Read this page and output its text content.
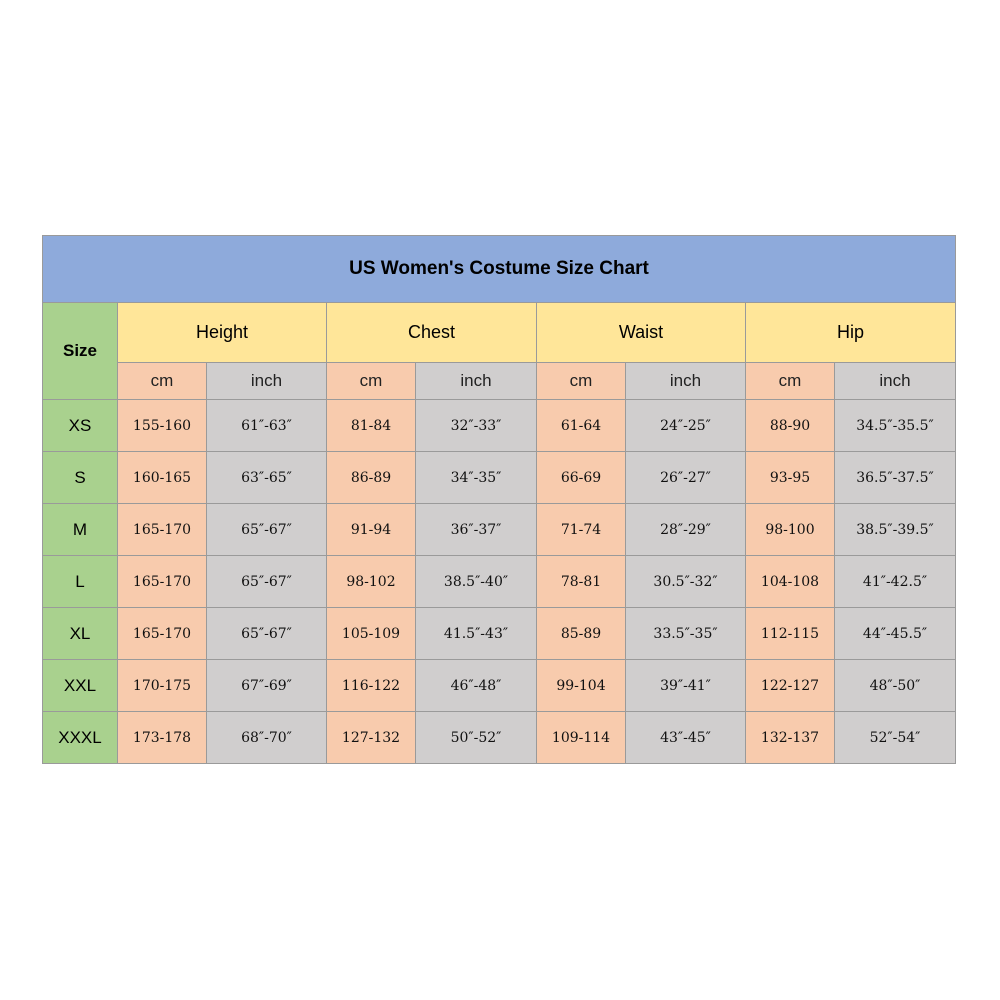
US Women's Costume Size Chart								
Size	Height		Chest		Waist		Hip	
	cm	inch	cm	inch	cm	inch	cm	inch
XS	155-160	61″-63″	81-84	32″-33″	61-64	24″-25″	88-90	34.5″-35.5″
S	160-165	63″-65″	86-89	34″-35″	66-69	26″-27″	93-95	36.5″-37.5″
M	165-170	65″-67″	91-94	36″-37″	71-74	28″-29″	98-100	38.5″-39.5″
L	165-170	65″-67″	98-102	38.5″-40″	78-81	30.5″-32″	104-108	41″-42.5″
XL	165-170	65″-67″	105-109	41.5″-43″	85-89	33.5″-35″	112-115	44″-45.5″
XXL	170-175	67″-69″	116-122	46″-48″	99-104	39″-41″	122-127	48″-50″
XXXL	173-178	68″-70″	127-132	50″-52″	109-114	43″-45″	132-137	52″-54″
